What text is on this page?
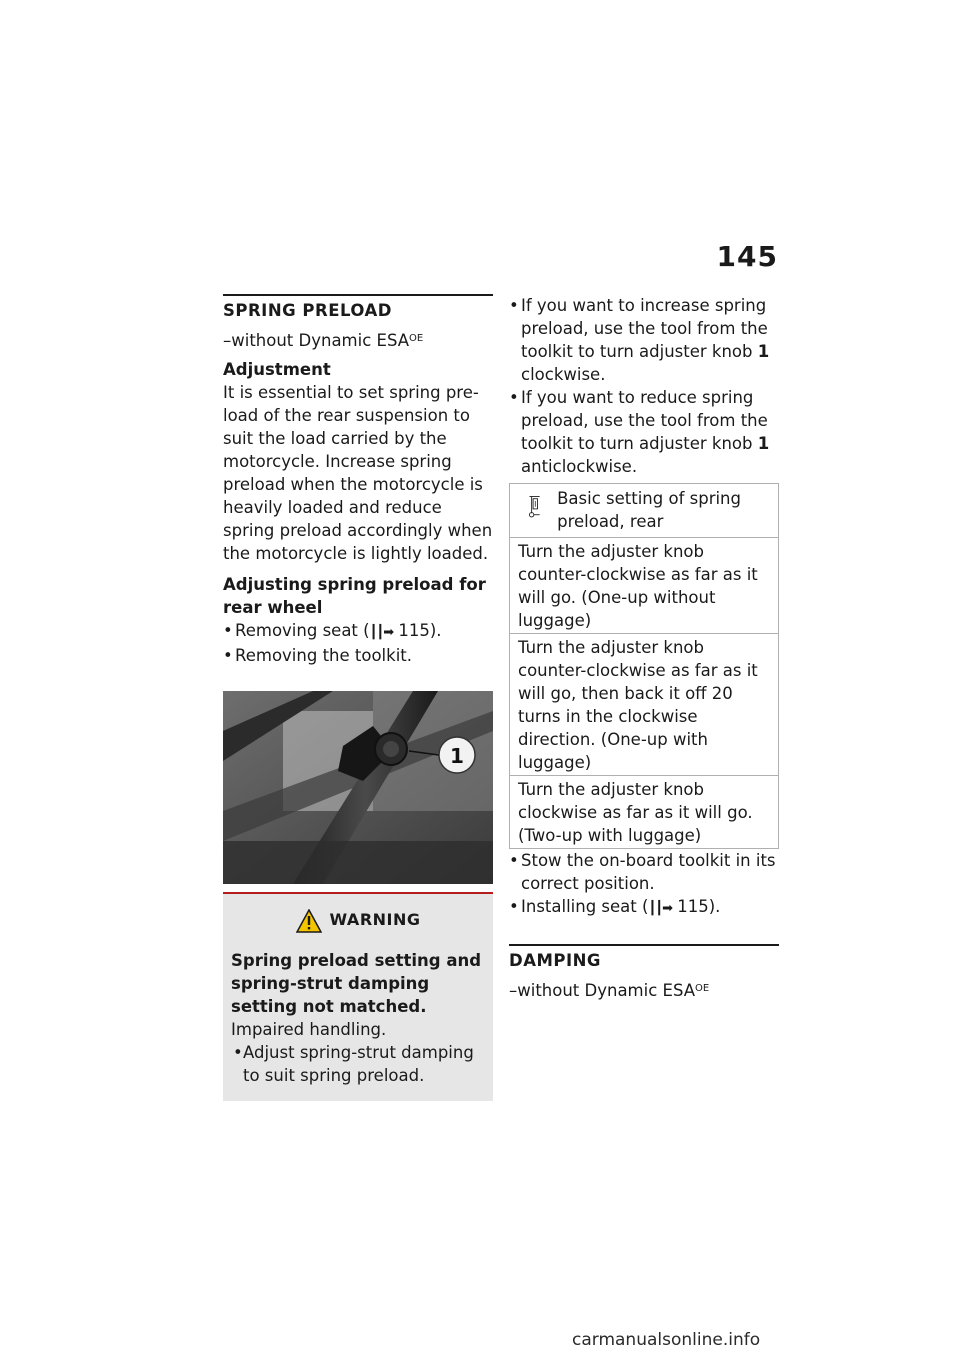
145
SPRING PRELOAD
–without Dynamic $ESA^{OE}$
Adjustment

It is essential to set spring pre-load of the rear suspension to suit the load carried by the motorcycle. Increase spring preload when the motorcycle is heavily loaded and reduce spring preload accordingly when the motorcycle is lightly loaded.

Adjusting spring preload for rear wheel
• Removing seat (┃┃➡ 115).
• Removing the toolkit.
1
WARNING
Spring preload setting and spring-strut damping setting not matched.
Impaired handling.
• Adjust spring-strut damping to suit spring preload.
• If you want to increase spring preload, use the tool from the toolkit to turn adjuster knob 1 clockwise.
• If you want to reduce spring preload, use the tool from the toolkit to turn adjuster knob 1 anticlockwise.
Basic setting of spring preload, rear
Turn the adjuster knob counter-clockwise as far as it will go. (One-up without luggage)
Turn the adjuster knob counter-clockwise as far as it will go, then back it off 20 turns in the clockwise direction. (One-up with luggage)
Turn the adjuster knob clockwise as far as it will go. (Two-up with luggage)
• Stow the on-board toolkit in its correct position.
• Installing seat (┃┃➡ 115).
DAMPING
–without Dynamic $ESA^{OE}$
carmanualsonline.info
